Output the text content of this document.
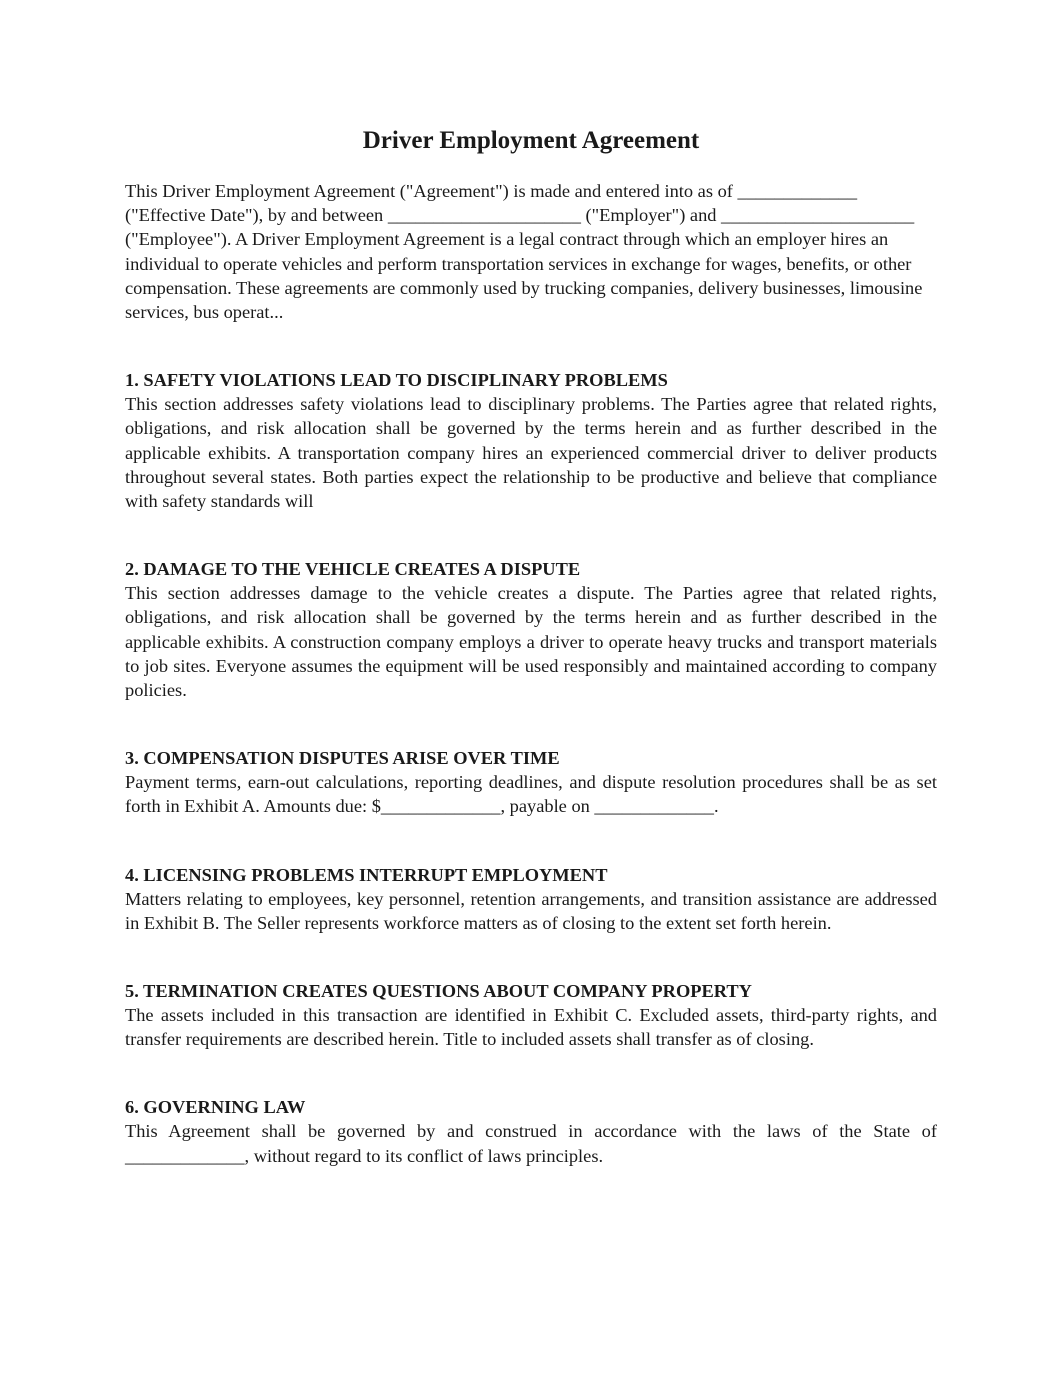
Driver Employment Agreement

This Driver Employment Agreement ("Agreement") is made and entered into as of _____________ ("Effective Date"), by and between _____________________ ("Employer") and _____________________ ("Employee"). A Driver Employment Agreement is a legal contract through which an employer hires an individual to operate vehicles and perform transportation services in exchange for wages, benefits, or other compensation. These agreements are commonly used by trucking companies, delivery businesses, limousine services, bus operat...

1. SAFETY VIOLATIONS LEAD TO DISCIPLINARY PROBLEMS

This section addresses safety violations lead to disciplinary problems. The Parties agree that related rights, obligations, and risk allocation shall be governed by the terms herein and as further described in the applicable exhibits. A transportation company hires an experienced commercial driver to deliver products throughout several states. Both parties expect the relationship to be productive and believe that compliance with safety standards will

2. DAMAGE TO THE VEHICLE CREATES A DISPUTE

This section addresses damage to the vehicle creates a dispute. The Parties agree that related rights, obligations, and risk allocation shall be governed by the terms herein and as further described in the applicable exhibits. A construction company employs a driver to operate heavy trucks and transport materials to job sites. Everyone assumes the equipment will be used responsibly and maintained according to company policies.

3. COMPENSATION DISPUTES ARISE OVER TIME

Payment terms, earn-out calculations, reporting deadlines, and dispute resolution procedures shall be as set forth in Exhibit A. Amounts due: $_____________, payable on _____________.

4. LICENSING PROBLEMS INTERRUPT EMPLOYMENT

Matters relating to employees, key personnel, retention arrangements, and transition assistance are addressed in Exhibit B. The Seller represents workforce matters as of closing to the extent set forth herein.

5. TERMINATION CREATES QUESTIONS ABOUT COMPANY PROPERTY

The assets included in this transaction are identified in Exhibit C. Excluded assets, third-party rights, and transfer requirements are described herein. Title to included assets shall transfer as of closing.

6. GOVERNING LAW

This Agreement shall be governed by and construed in accordance with the laws of the State of _____________, without regard to its conflict of laws principles.
